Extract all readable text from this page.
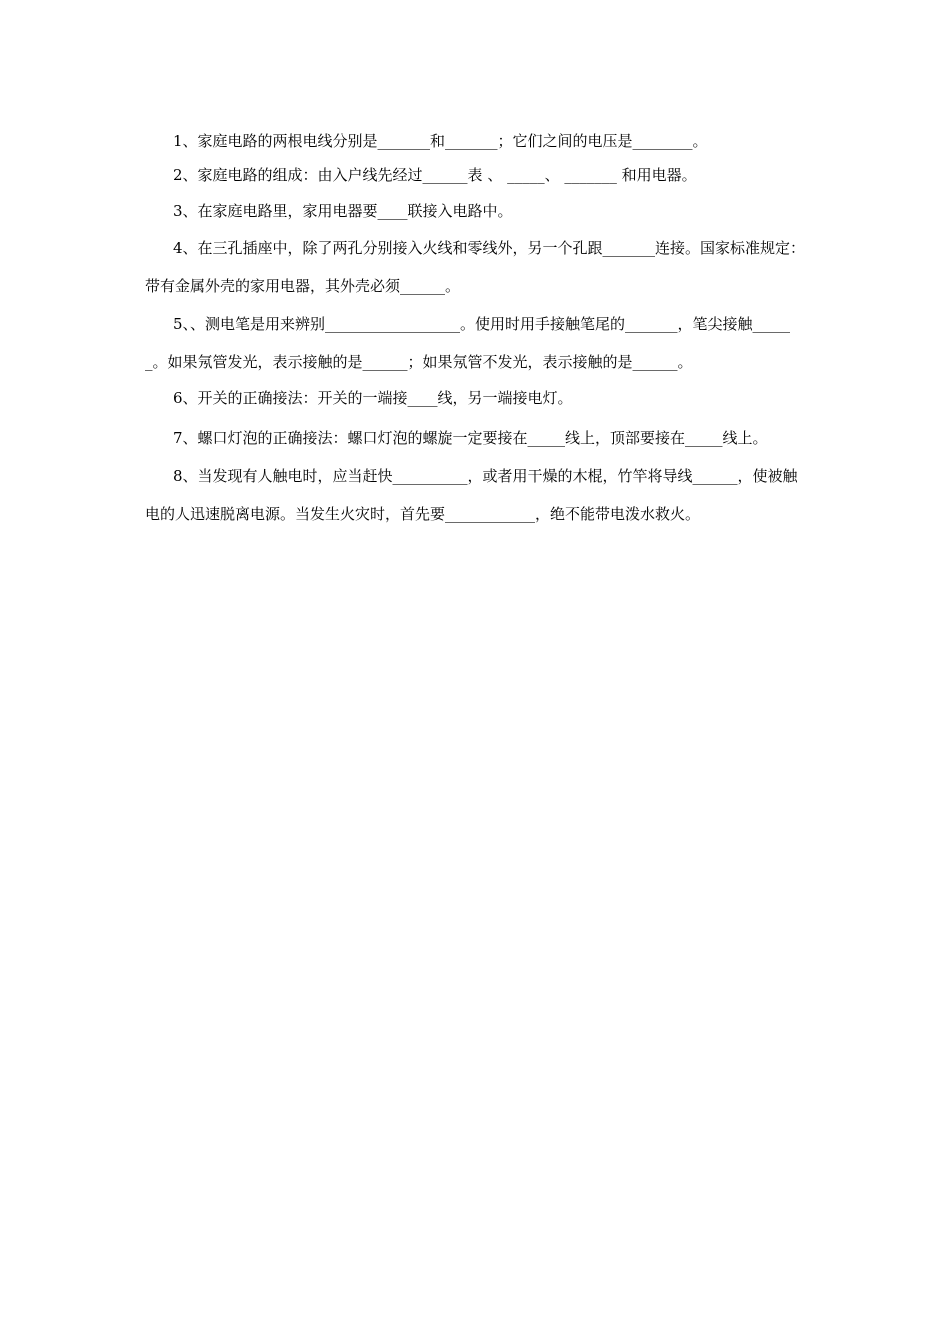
1、家庭电路的两根电线分别是_______和_______；它们之间的电压是________。

2、家庭电路的组成：由入户线先经过______表 、 _____、 _______ 和用电器。

3、在家庭电路里，家用电器要____联接入电路中。

4、在三孔插座中，除了两孔分别接入火线和零线外，另一个孔跟_______连接。国家标准规定：带有金属外壳的家用电器，其外壳必须______。

5、、测电笔是用来辨别__________________。使用时用手接触笔尾的_______，笔尖接触______。如果氖管发光，表示接触的是______；如果氖管不发光，表示接触的是______。

6、开关的正确接法：开关的一端接____线，另一端接电灯。

7、螺口灯泡的正确接法：螺口灯泡的螺旋一定要接在_____线上，顶部要接在_____线上。

8、当发现有人触电时，应当赶快__________，或者用干燥的木棍，竹竿将导线______，使被触电的人迅速脱离电源。当发生火灾时，首先要____________，绝不能带电泼水救火。
